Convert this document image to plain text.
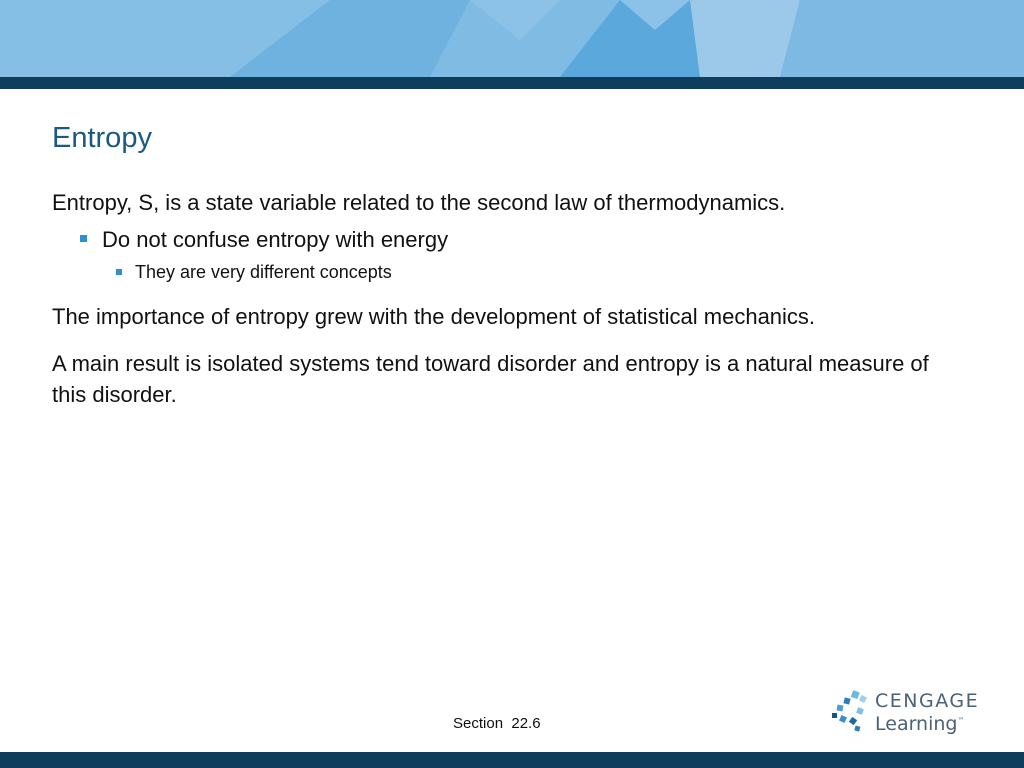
Entropy

Entropy, S, is a state variable related to the second law of thermodynamics.

Do not confuse entropy with energy
They are very different concepts

The importance of entropy grew with the development of statistical mechanics.

A main result is isolated systems tend toward disorder and entropy is a natural measure of this disorder.

Section  22.6
CENGAGE
Learning™
